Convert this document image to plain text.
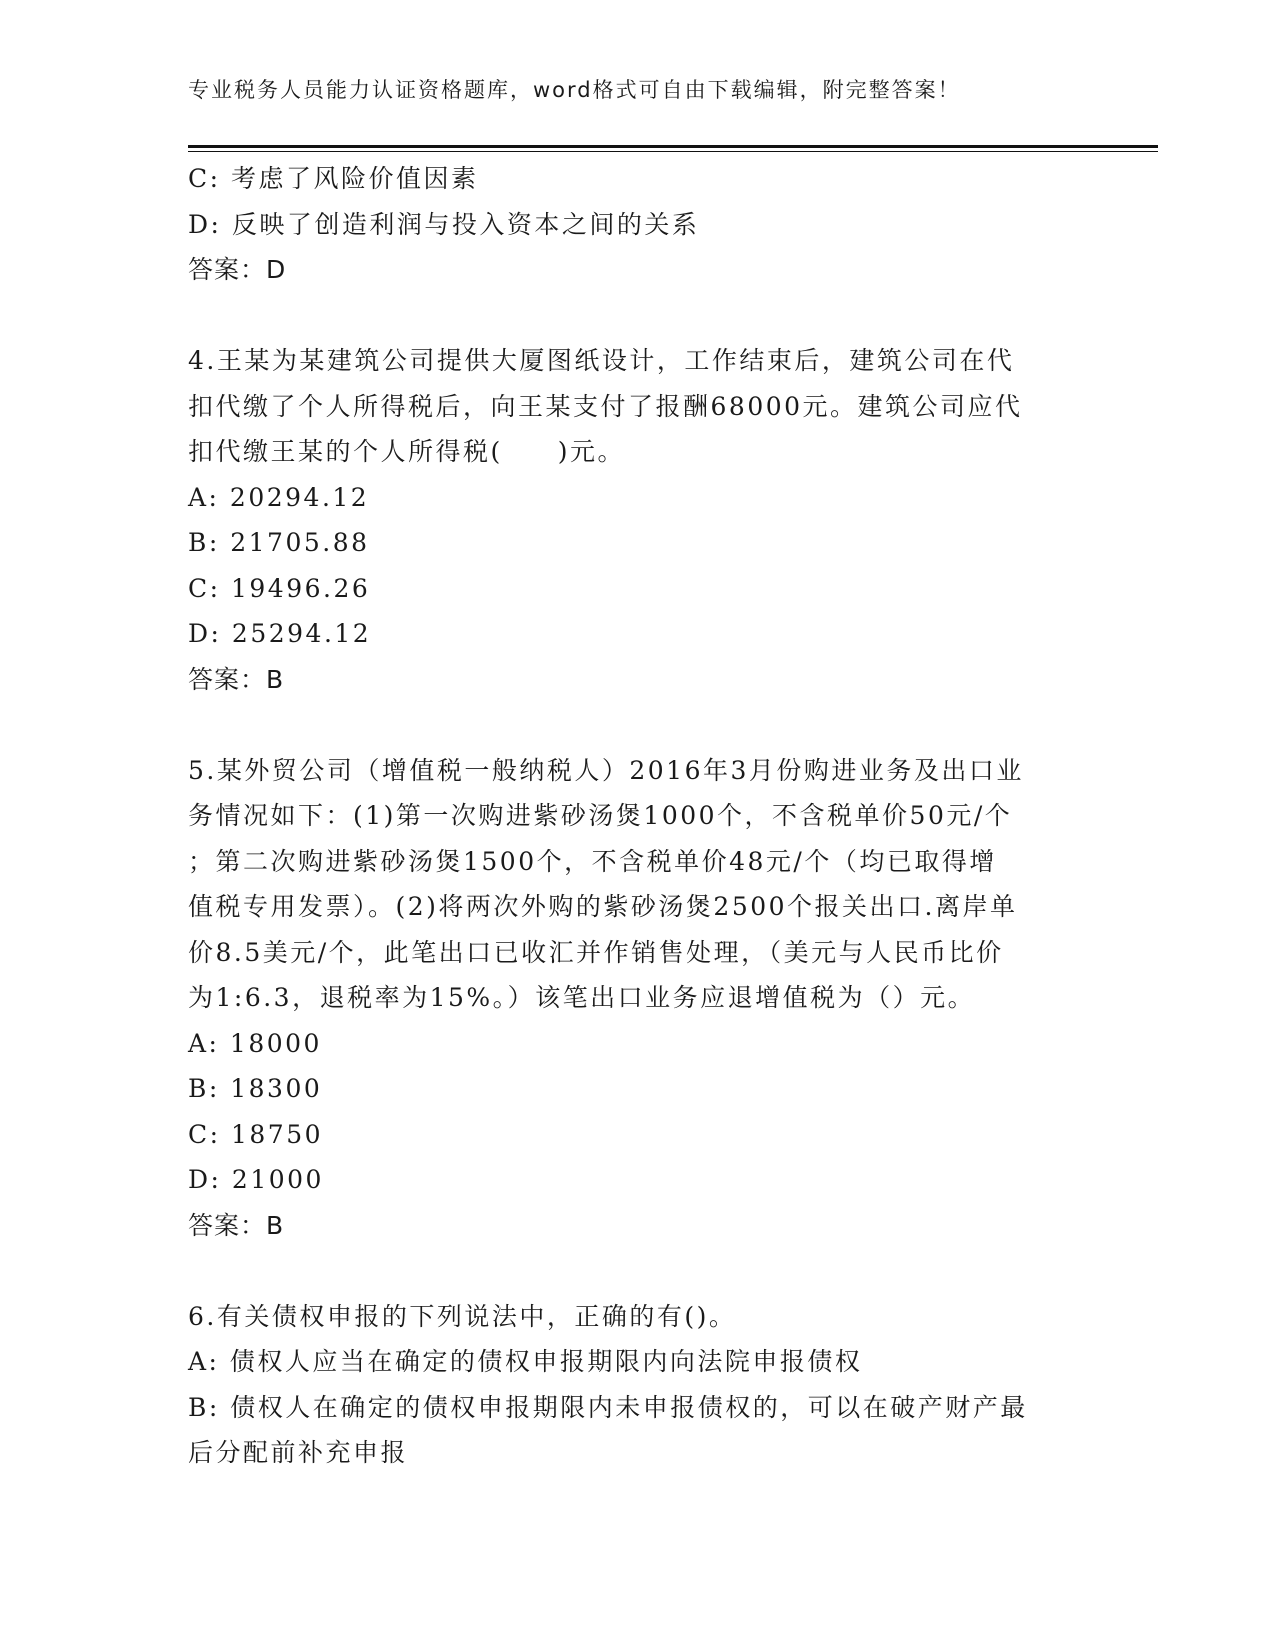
专业税务人员能力认证资格题库，word格式可自由下载编辑，附完整答案！
C: 考虑了风险价值因素
D: 反映了创造利润与投入资本之间的关系
答案：D
4.王某为某建筑公司提供大厦图纸设计，工作结束后，建筑公司在代
扣代缴了个人所得税后，向王某支付了报酬68000元。建筑公司应代
扣代缴王某的个人所得税(　　)元。
A: 20294.12
B: 21705.88
C: 19496.26
D: 25294.12
答案：B
5.某外贸公司（增值税一般纳税人）2016年3月份购进业务及出口业
务情况如下：(1)第一次购进紫砂汤煲1000个，不含税单价50元/个
；第二次购进紫砂汤煲1500个，不含税单价48元/个（均已取得增
值税专用发票）。(2)将两次外购的紫砂汤煲2500个报关出口.离岸单
价8.5美元/个，此笔出口已收汇并作销售处理，（美元与人民币比价
为1:6.3，退税率为15%。）该笔出口业务应退增值税为（）元。
A: 18000
B: 18300
C: 18750
D: 21000
答案：B
6.有关债权申报的下列说法中，正确的有()。
A: 债权人应当在确定的债权申报期限内向法院申报债权
B: 债权人在确定的债权申报期限内未申报债权的，可以在破产财产最
后分配前补充申报
